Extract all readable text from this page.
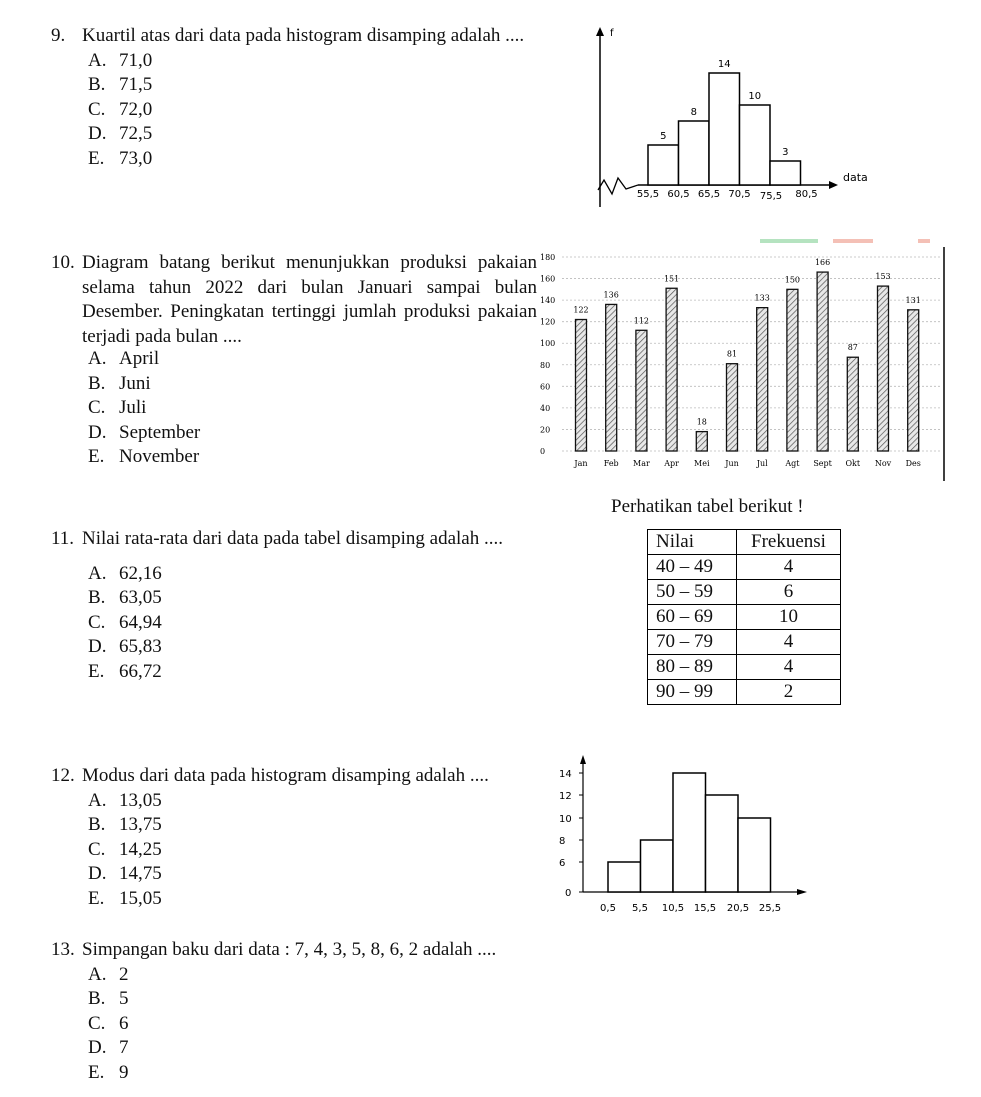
9. Kuartil atas dari data pada histogram disamping adalah ....
A. 71,0
B. 71,5
C. 72,0
D. 72,5
E. 73,0
f
data
5
8
14
10
3
55,5 60,5 65,5 70,5 75,5 80,5
10. Diagram batang berikut menunjukkan produksi pakaian selama tahun 2022 dari bulan Januari sampai bulan Desember. Peningkatan tertinggi jumlah produksi pakaian terjadi pada bulan ....
A. April
B. Juni
C. Juli
D. September
E. November	0
20
40
60
80
100
120
140
160
180
122
Jan
136
Feb
112
Mar
151
Apr
18
Mei
81
Jun
133
Jul
150
Agt
166
Sept
87
Okt
153
Nov
131
Des
Perhatikan tabel berikut !
11. Nilai rata-rata dari data pada tabel disamping adalah ....
A. 62,16
B. 63,05
C. 64,94
D. 65,83
E. 66,72
Nilai	Frekuensi
40 – 49	4
50 – 59	6
60 – 69	10
70 – 79	4
80 – 89	4
90 – 99	2
12. Modus dari data pada histogram disamping adalah ....
A. 13,05
B. 13,75
C. 14,25
D. 14,75
E. 15,05	0
6
8
10
12
14
0,5 5,5 10,5 15,5 20,5 25,5
13. Simpangan baku dari data : 7, 4, 3, 5, 8, 6, 2 adalah ....
A. 2
B. 5
C. 6
D. 7
E. 9
